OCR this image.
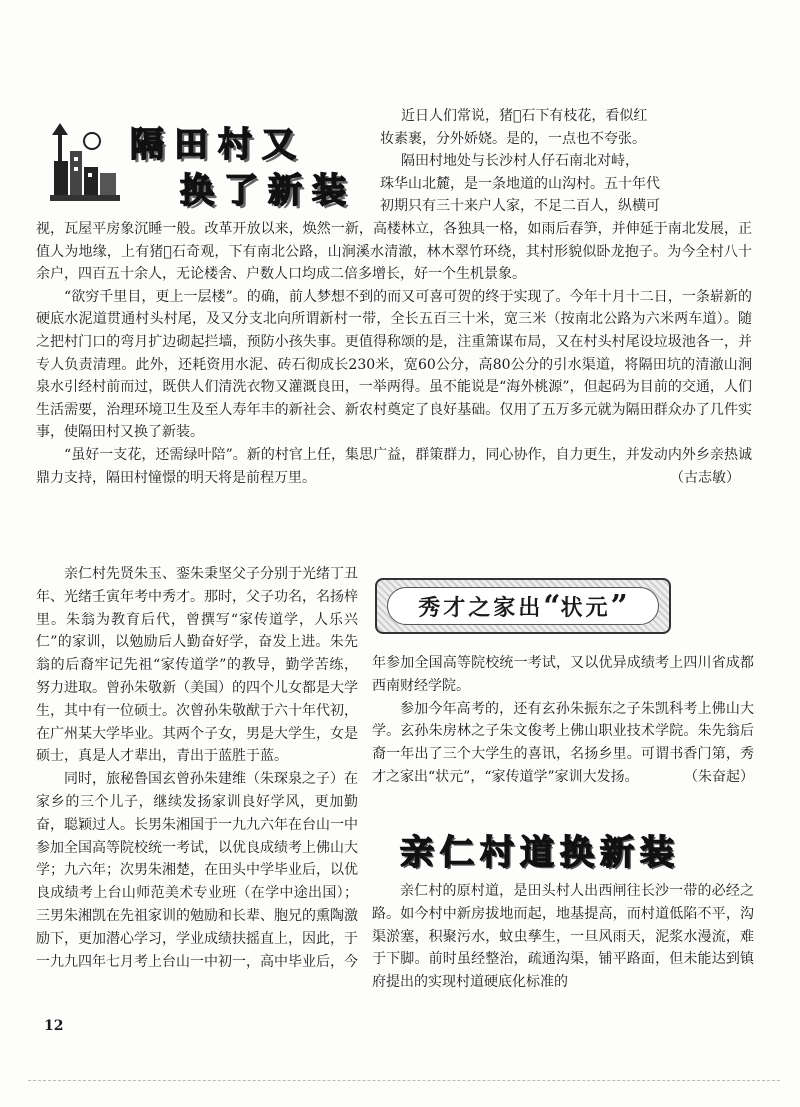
隔田村又
换了新装

近日人们常说，猪𡶛石下有枝花，看似红

妆素裹，分外娇娆。是的，一点也不夸张。

隔田村地处与长沙村人仔石南北对峙，

珠华山北麓，是一条地道的山沟村。五十年代

初期只有三十来户人家，不足二百人，纵横可

视，瓦屋平房象沉睡一般。改革开放以来，焕然一新，高楼林立，各独具一格，如雨后春笋，并伸延于南北发展，正值人为地缘，上有猪𡶛石奇观，下有南北公路，山涧溪水清澈，林木翠竹环绕，其村形貌似卧龙抱子。为今全村八十余户，四百五十余人，无论楼舍、户数人口均成二倍多增长，好一个生机景象。

“欲穷千里目，更上一层楼”。的确，前人梦想不到的而又可喜可贺的终于实现了。今年十月十二日，一条崭新的硬底水泥道贯通村头村尾，及又分支北向所谓新村一带，全长五百三十米，宽三米（按南北公路为六米两车道）。随之把村门口的弯月扩边砌起拦墙，预防小孩失事。更值得称颂的是，注重箫谋布局，又在村头村尾设垃圾池各一，并专人负责清理。此外，还耗资用水泥、砖石彻成长230米，宽60公分，高80公分的引水渠道，将隔田坑的清澈山涧泉水引经村前而过，既供人们清洗衣物又灌溉良田，一举两得。虽不能说是“海外桃源”，但起码为目前的交通，人们生活需要，治理环境卫生及至人寿年丰的新社会、新农村奠定了良好基础。仅用了五万多元就为隔田群众办了几件实事，使隔田村又换了新装。

“虽好一支花，还需绿叶陪”。新的村官上任，集思广益，群策群力，同心协作，自力更生，并发动内外乡亲热诚鼎力支持，隔田村憧憬的明天将是前程万里。	（古志敏）

秀才之家出 “ 状元 ”

亲仁村先贤朱玉、銮朱秉坚父子分别于光绪丁丑年、光绪壬寅年考中秀才。那时，父子功名，名扬梓里。朱翁为教育后代，曾撰写“家传道学，人乐兴仁”的家训，以勉励后人勤奋好学，奋发上进。朱先翁的后裔牢记先祖“家传道学”的教导，勤学苦练，努力进取。曾孙朱敬新（美国）的四个儿女都是大学生，其中有一位硕士。次曾孙朱敬猷于六十年代初，在广州某大学毕业。其两个子女，男是大学生，女是硕士，真是人才辈出，青出于蓝胜于蓝。

同时，旅秘鲁国玄曾孙朱建维（朱琛泉之子）在家乡的三个儿子，继续发扬家训良好学风，更加勤奋，聪颖过人。长男朱湘国于一九九六年在台山一中参加全国高等院校统一考试，以优良成绩考上佛山大学；九六年；次男朱湘楚，在田头中学毕业后，以优良成绩考上台山师范美术专业班（在学中途出国）；三男朱湘凯在先祖家训的勉励和长辈、胞兄的熏陶激励下，更加潜心学习，学业成绩扶摇直上，因此，于一九九四年七月考上台山一中初一，高中毕业后，今

年参加全国高等院校统一考试，又以优异成绩考上四川省成都西南财经学院。

参加今年高考的，还有玄孙朱振东之子朱凯科考上佛山大学。玄孙朱房林之子朱文俊考上佛山职业技术学院。朱先翁后裔一年出了三个大学生的喜讯，名扬乡里。可谓书香门第，秀才之家出“状元”，“家传道学”家训大发扬。	（朱奋起）

亲仁村道换新装

亲仁村的原村道，是田头村人出西闸往长沙一带的必经之路。如今村中新房拔地而起，地基提高，而村道低陷不平，沟渠淤塞，积聚污水，蚊虫孳生，一旦风雨天，泥浆水漫流，难于下脚。前时虽经整治，疏通沟渠，铺平路面，但未能达到镇府提出的实现村道硬底化标准的

12
